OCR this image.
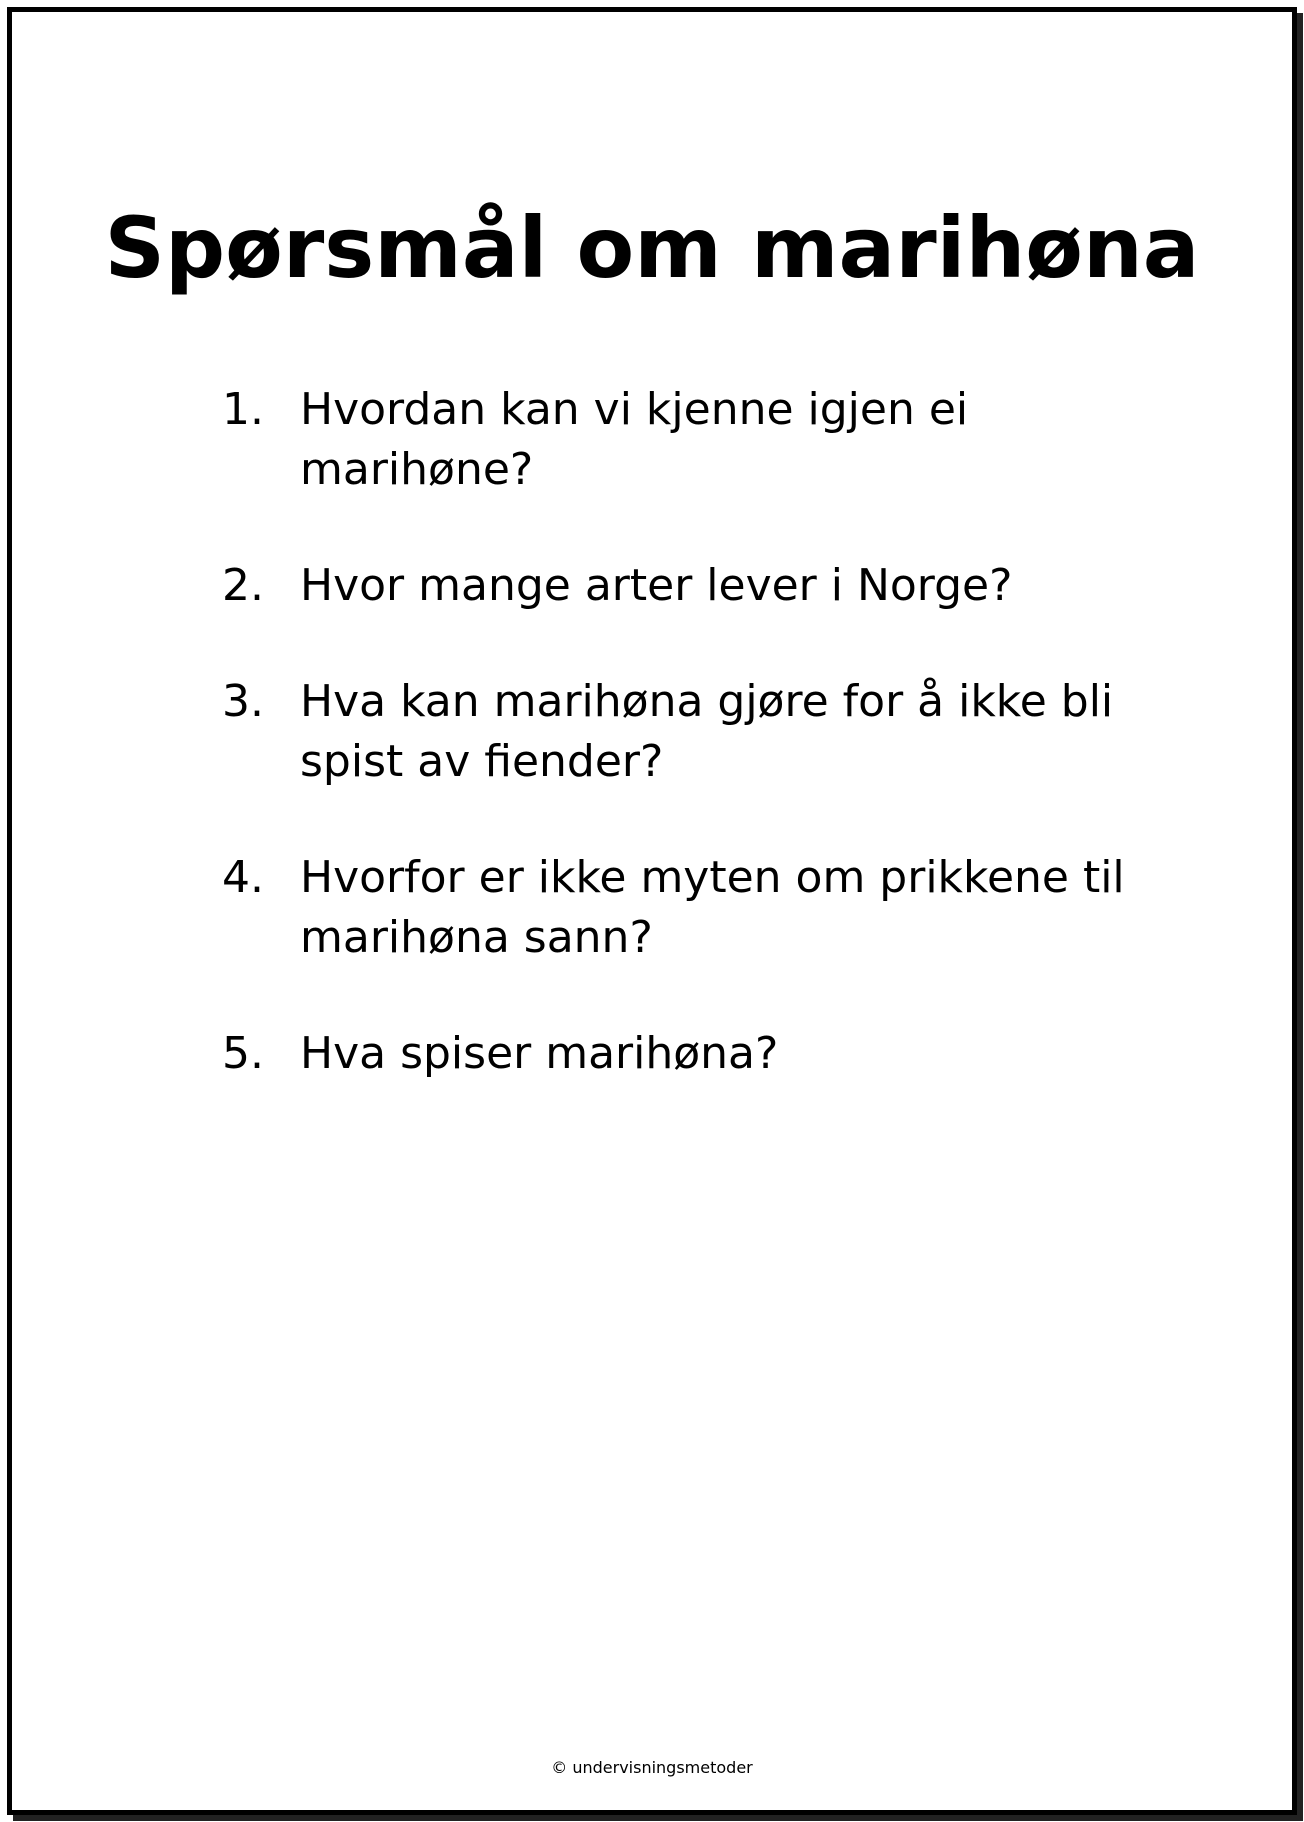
Spørsmål om marihøna
1. Hvordan kan vi kjenne igjen ei marihøne?
2. Hvor mange arter lever i Norge?
3. Hva kan marihøna gjøre for å ikke bli spist av fiender?
4. Hvorfor er ikke myten om prikkene til marihøna sann?
5. Hva spiser marihøna?
© undervisningsmetoder
